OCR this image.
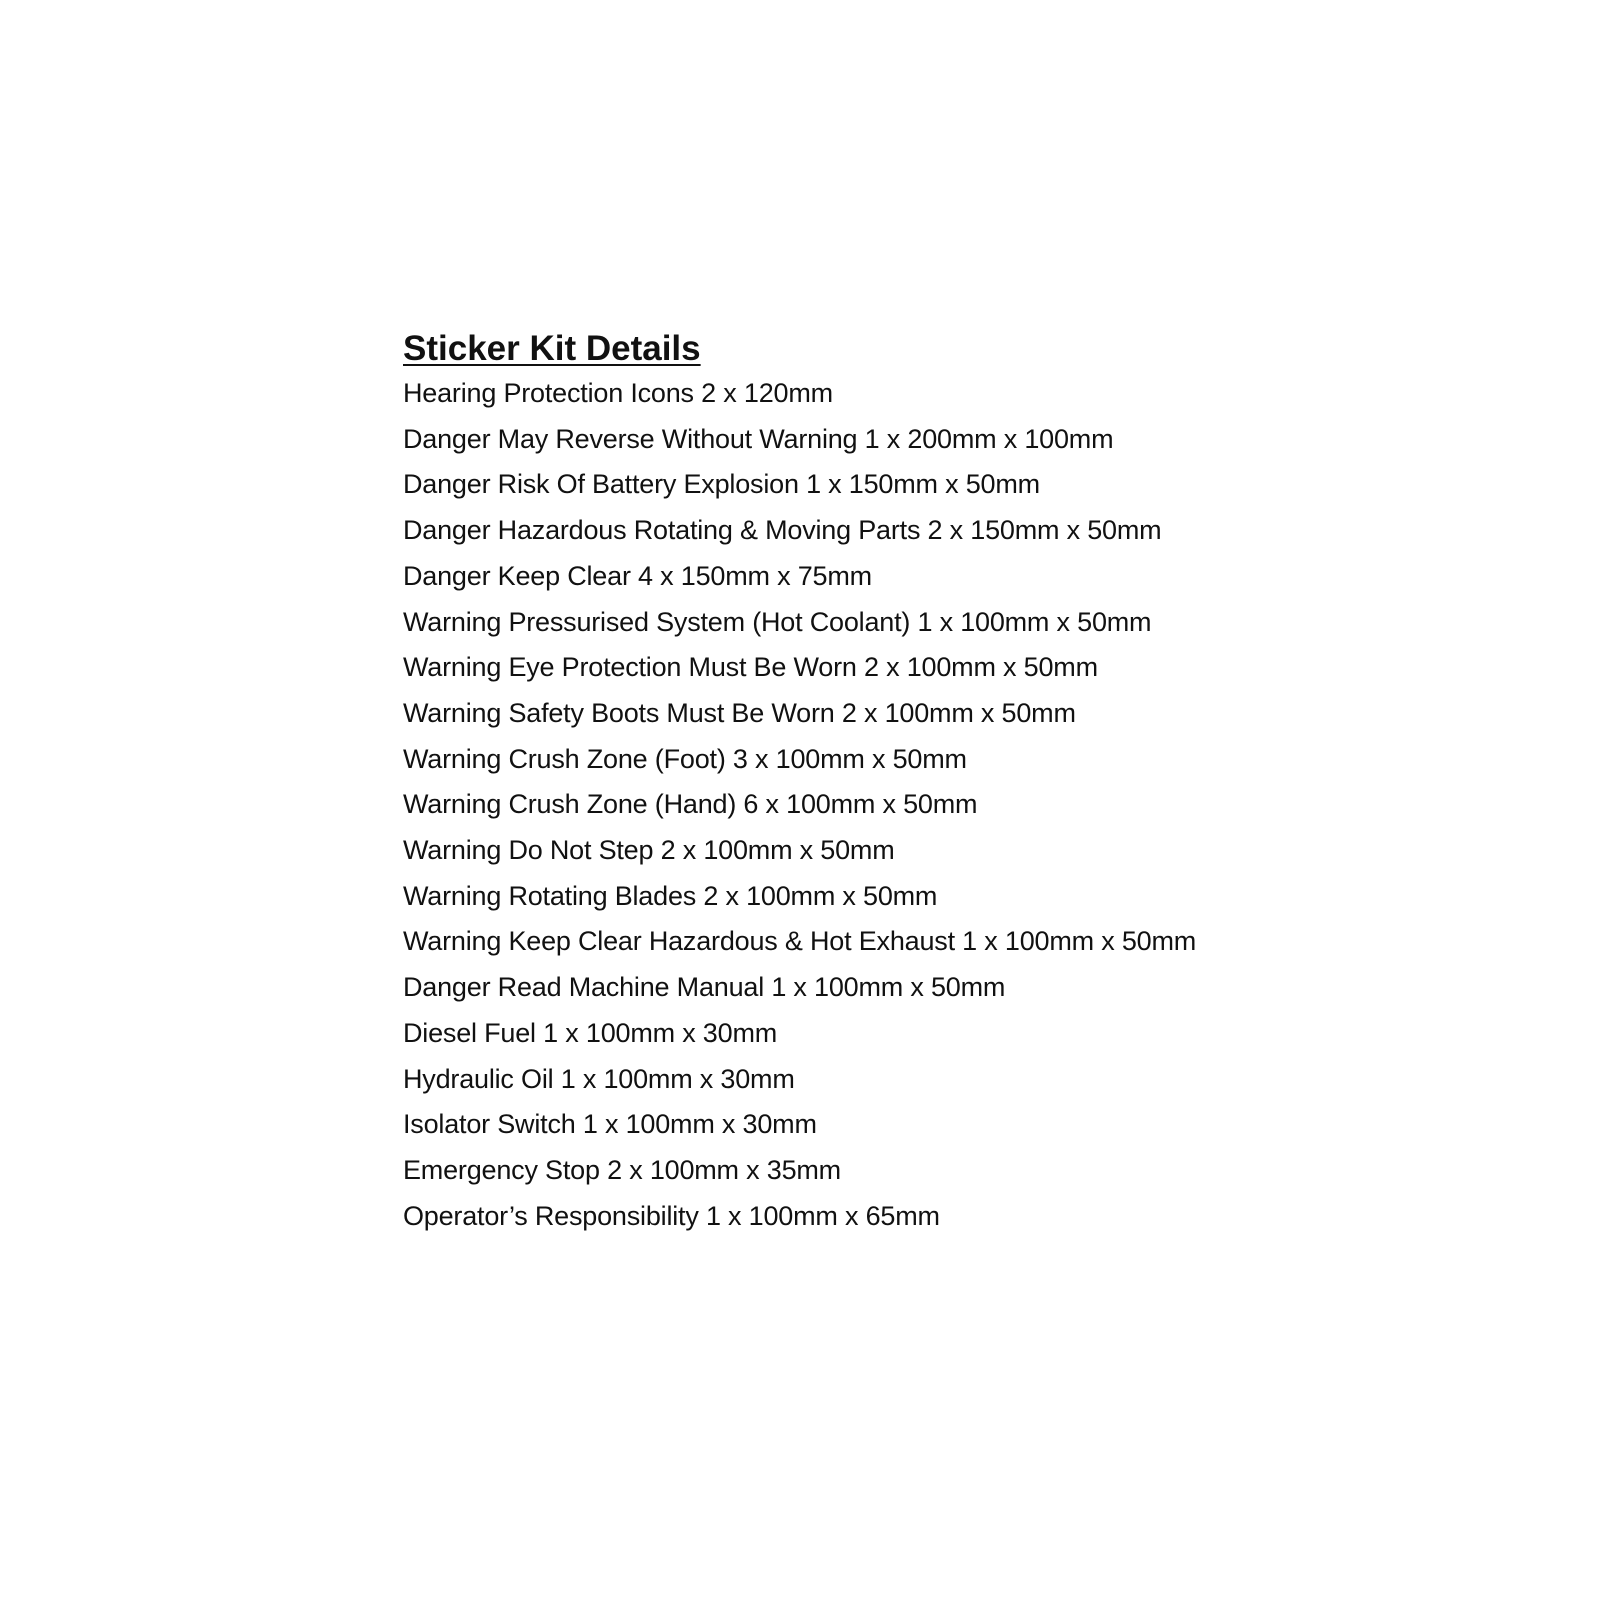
Sticker Kit Details
Hearing Protection Icons 2 x 120mm
Danger May Reverse Without Warning 1 x 200mm x 100mm
Danger Risk Of Battery Explosion 1 x 150mm x 50mm
Danger Hazardous Rotating & Moving Parts 2 x 150mm x 50mm
Danger Keep Clear 4 x 150mm x 75mm
Warning Pressurised System (Hot Coolant) 1 x 100mm x 50mm
Warning Eye Protection Must Be Worn 2 x 100mm x 50mm
Warning Safety Boots Must Be Worn 2 x 100mm x 50mm
Warning Crush Zone (Foot) 3 x 100mm x 50mm
Warning Crush Zone (Hand) 6 x 100mm x 50mm
Warning Do Not Step 2 x 100mm x 50mm
Warning Rotating Blades 2 x 100mm x 50mm
Warning Keep Clear Hazardous & Hot Exhaust 1 x 100mm x 50mm
Danger Read Machine Manual 1 x 100mm x 50mm
Diesel Fuel 1 x 100mm x 30mm
Hydraulic Oil 1 x 100mm x 30mm
Isolator Switch 1 x 100mm x 30mm
Emergency Stop 2 x 100mm x 35mm
Operator’s Responsibility 1 x 100mm x 65mm
